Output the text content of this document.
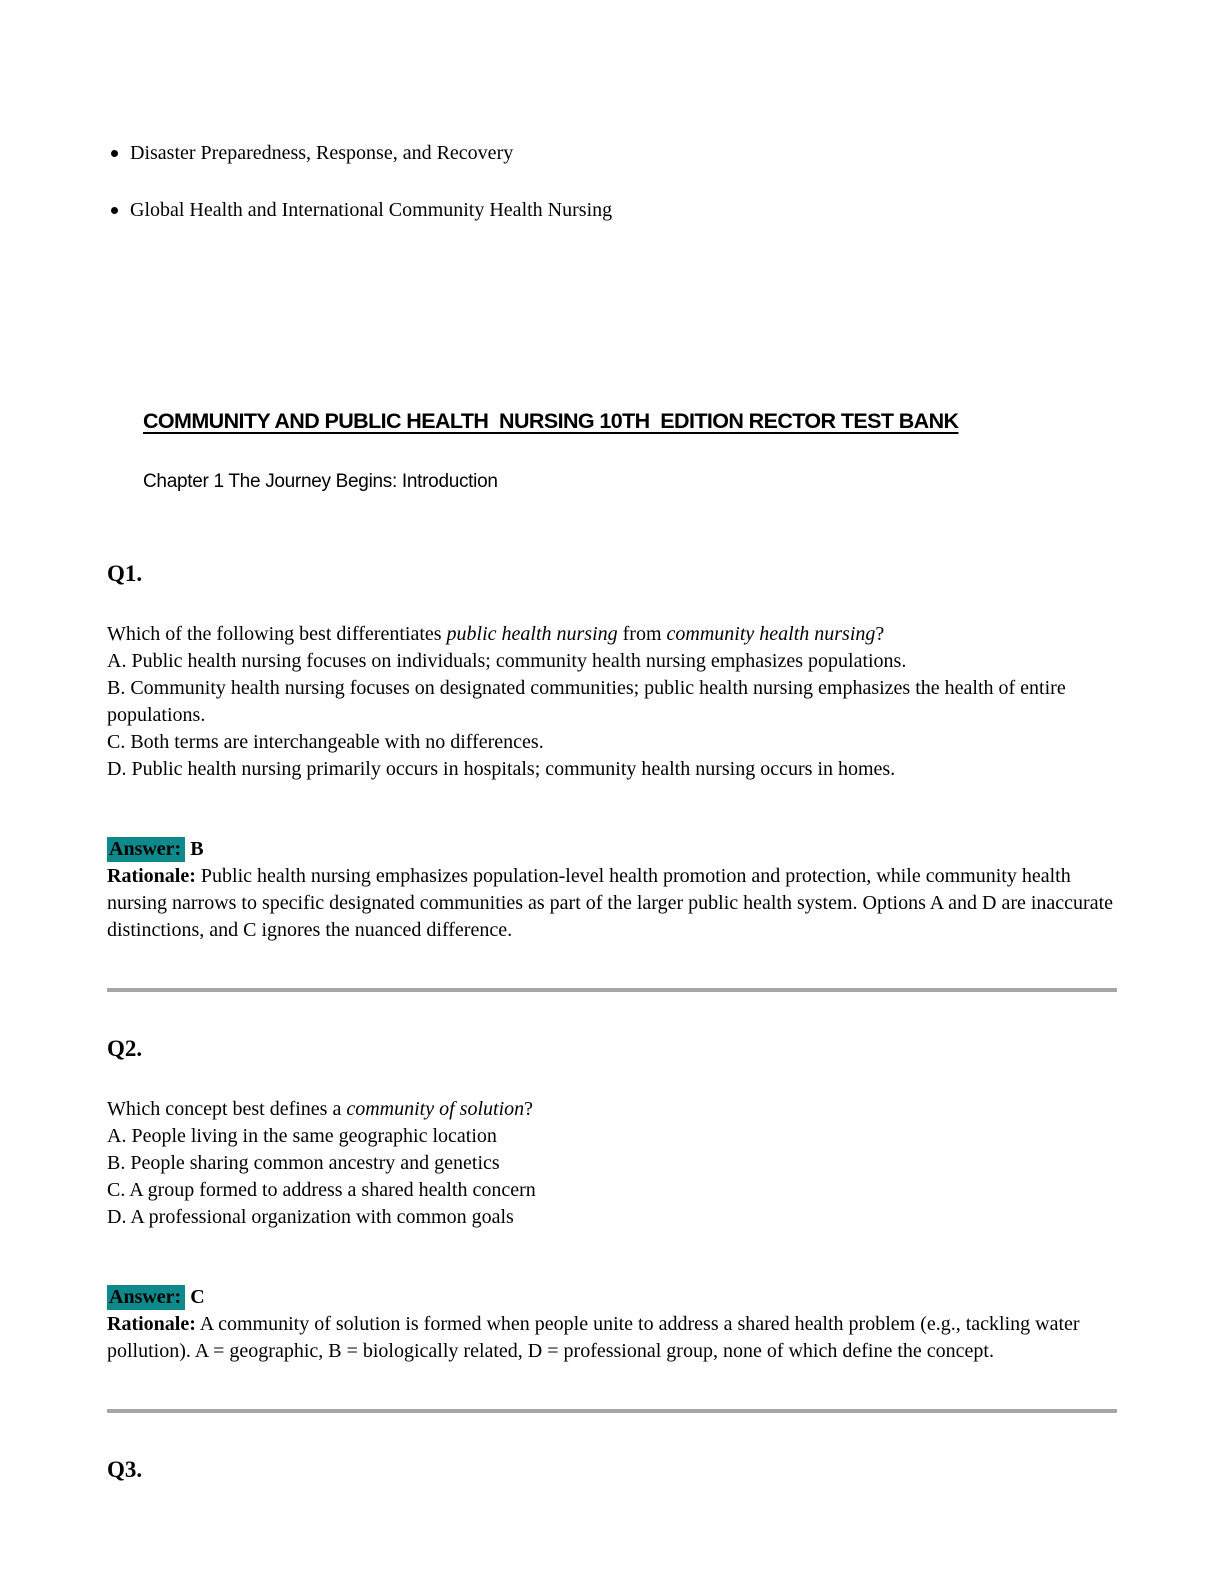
Disaster Preparedness, Response, and Recovery
Global Health and International Community Health Nursing
COMMUNITY AND PUBLIC HEALTH  NURSING 10TH  EDITION RECTOR TEST BANK
Chapter 1 The Journey Begins: Introduction
Q1.
Which of the following best differentiates public health nursing from community health nursing?
A. Public health nursing focuses on individuals; community health nursing emphasizes populations.
B. Community health nursing focuses on designated communities; public health nursing emphasizes the health of entire populations.
C. Both terms are interchangeable with no differences.
D. Public health nursing primarily occurs in hospitals; community health nursing occurs in homes.
Answer: B
Rationale: Public health nursing emphasizes population-level health promotion and protection, while community health nursing narrows to specific designated communities as part of the larger public health system. Options A and D are inaccurate distinctions, and C ignores the nuanced difference.
Q2.
Which concept best defines a community of solution?
A. People living in the same geographic location
B. People sharing common ancestry and genetics
C. A group formed to address a shared health concern
D. A professional organization with common goals
Answer: C
Rationale: A community of solution is formed when people unite to address a shared health problem (e.g., tackling water pollution). A = geographic, B = biologically related, D = professional group, none of which define the concept.
Q3.
